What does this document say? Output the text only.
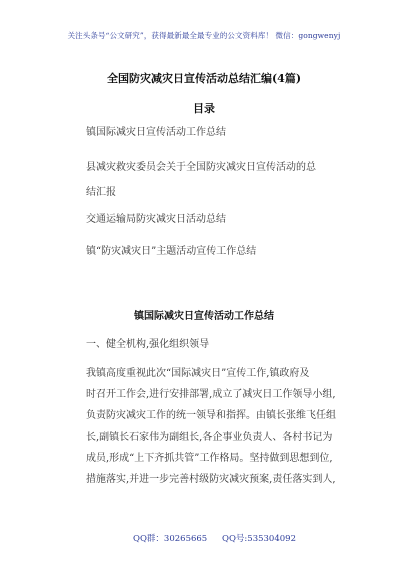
关注头条号“公文研究”，获得最新最全最专业的公文资料库！ 微信：gongwenyj
全国防灾减灾日宣传活动总结汇编(4篇)
目录
镇国际减灾日宣传活动工作总结
县减灾救灾委员会关于全国防灾减灾日宣传活动的总
结汇报
交通运输局防灾减灾日活动总结
镇“防灾减灾日”主题活动宣传工作总结
镇国际减灾日宣传活动工作总结
一、健全机构,强化组织领导
我镇高度重视此次“国际减灾日”宣传工作,镇政府及
时召开工作会,进行安排部署,成立了减灾日工作领导小组,
负责防灾减灾工作的统一领导和指挥。由镇长张维飞任组
长,副镇长石家伟为副组长,各企事业负责人、各村书记为
成员,形成“上下齐抓共管”工作格局。坚持做到思想到位,
措施落实,并进一步完善村级防灾减灾预案,责任落实到人,
QQ群：30265665 QQ号:535304092
